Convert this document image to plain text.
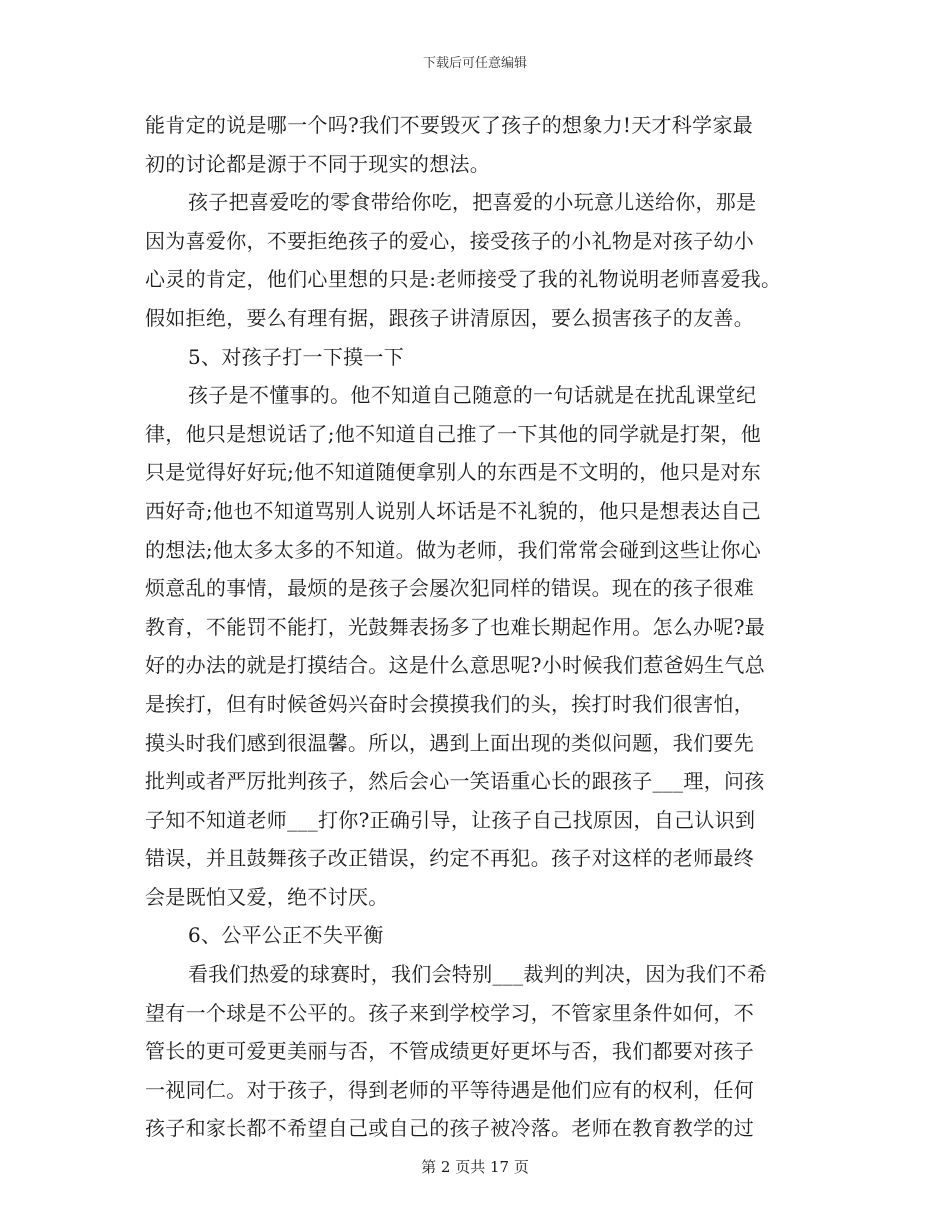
下载后可任意编辑
能肯定的说是哪一个吗?我们不要毁灭了孩子的想象力!天才科学家最
初的讨论都是源于不同于现实的想法。
孩子把喜爱吃的零食带给你吃，把喜爱的小玩意儿送给你，那是
因为喜爱你，不要拒绝孩子的爱心，接受孩子的小礼物是对孩子幼小
心灵的肯定，他们心里想的只是:老师接受了我的礼物说明老师喜爱我。
假如拒绝，要么有理有据，跟孩子讲清原因，要么损害孩子的友善。
5、对孩子打一下摸一下
孩子是不懂事的。他不知道自己随意的一句话就是在扰乱课堂纪
律，他只是想说话了;他不知道自己推了一下其他的同学就是打架，他
只是觉得好好玩;他不知道随便拿别人的东西是不文明的，他只是对东
西好奇;他也不知道骂别人说别人坏话是不礼貌的，他只是想表达自己
的想法;他太多太多的不知道。做为老师，我们常常会碰到这些让你心
烦意乱的事情，最烦的是孩子会屡次犯同样的错误。现在的孩子很难
教育，不能罚不能打，光鼓舞表扬多了也难长期起作用。怎么办呢?最
好的办法的就是打摸结合。这是什么意思呢?小时候我们惹爸妈生气总
是挨打，但有时候爸妈兴奋时会摸摸我们的头，挨打时我们很害怕，
摸头时我们感到很温馨。所以，遇到上面出现的类似问题，我们要先
批判或者严厉批判孩子，然后会心一笑语重心长的跟孩子___理，问孩
子知不知道老师___打你?正确引导，让孩子自己找原因，自己认识到
错误，并且鼓舞孩子改正错误，约定不再犯。孩子对这样的老师最终
会是既怕又爱，绝不讨厌。
6、公平公正不失平衡
看我们热爱的球赛时，我们会特别___裁判的判决，因为我们不希
望有一个球是不公平的。孩子来到学校学习，不管家里条件如何，不
管长的更可爱更美丽与否，不管成绩更好更坏与否，我们都要对孩子
一视同仁。对于孩子，得到老师的平等待遇是他们应有的权利，任何
孩子和家长都不希望自己或自己的孩子被冷落。老师在教育教学的过
第 2 页共 17 页
